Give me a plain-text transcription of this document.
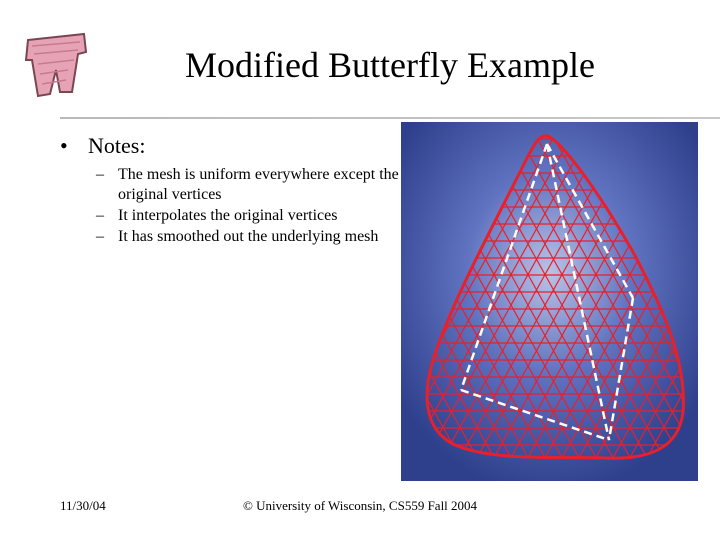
Modified Butterfly Example
• Notes:
– The mesh is uniform everywhere except the original vertices
– It interpolates the original vertices
– It has smoothed out the underlying mesh
11/30/04	© University of Wisconsin, CS559 Fall 2004
